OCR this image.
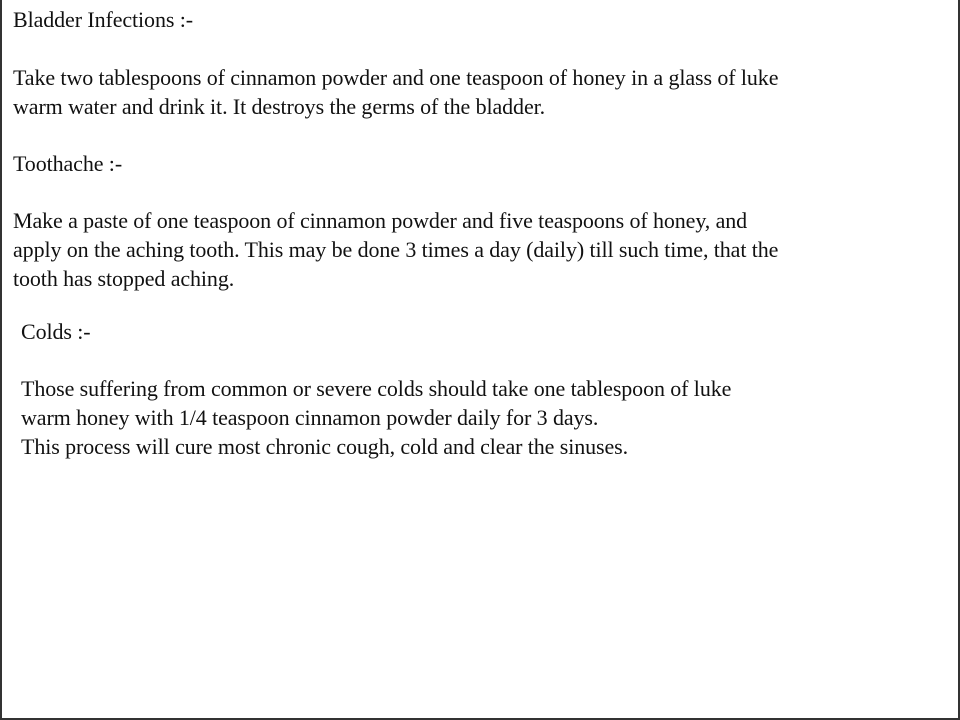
Bladder Infections :-
Take two tablespoons of cinnamon powder and one teaspoon of honey in a glass of luke
warm water and drink it. It destroys the germs of the bladder.
Toothache :-
Make a paste of one teaspoon of cinnamon powder and five teaspoons of honey, and
apply on the aching tooth. This may be done 3 times a day (daily) till such time, that the
tooth has stopped aching.
Colds :-
Those suffering from common or severe colds should take one tablespoon of luke
warm honey with 1/4 teaspoon cinnamon powder daily for 3 days.
This process will cure most chronic cough, cold and clear the sinuses.
